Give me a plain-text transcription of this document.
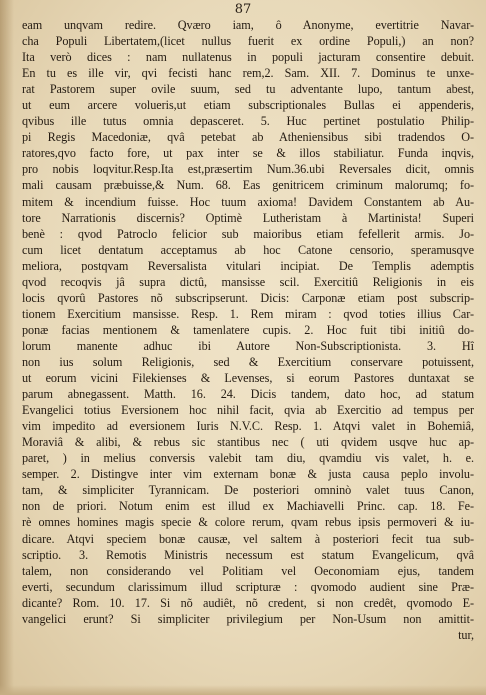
87
eam unqvam redire. Qværo iam, ô Anonyme, evertitrie Navar-
cha Populi Libertatem,(licet nullus fuerit ex ordine Populi,) an non?
Ita verò dices : nam nullatenus in populi jacturam consentire debuit.
En tu es ille vir, qvi fecisti hanc rem,2. Sam. XII. 7. Dominus te unxe-
rat Pastorem super ovile suum, sed tu adventante lupo, tantum abest,
ut eum arcere volueris,ut etiam subscriptionales Bullas ei appenderis,
qvibus ille tutus omnia depasceret. 5. Huc pertinet postulatio Philip-
pi Regis Macedoniæ, qvâ petebat ab Atheniensibus sibi tradendos O-
ratores,qvo facto fore, ut pax inter se & illos stabiliatur. Funda inqvis,
pro nobis loqvitur.Resp.Ita est,præsertim Num.36.ubi Reversales dicit, omnis
mali causam præbuisse,& Num. 68. Eas genitricem criminum malorumq; fo-
mitem & incendium fuisse. Hoc tuum axioma! Davidem Constantem ab Au-
tore Narrationis discernis? Optimè Lutheristam à Martinista! Superi
benè : qvod Patroclo felicior sub maioribus etiam fefellerit armis. Jo-
cum licet dentatum acceptamus ab hoc Catone censorio, speramusqve
meliora, postqvam Reversalista vitulari incipiat. De Templis ademptis
qvod recoqvis jâ supra dictû, mansisse scil. Exercitiû Religionis in eis
locis qvorû Pastores nõ subscripserunt. Dicis: Carponæ etiam post subscrip-
tionem Exercitium mansisse. Resp. 1. Rem miram : qvod toties illius Car-
ponæ facias mentionem & tamenlatere cupis. 2. Hoc fuit tibi initiû do-
lorum manente adhuc ibi Autore Non-Subscriptionista. 3. Hî
non ius solum Religionis, sed & Exercitium conservare potuissent,
ut eorum vicini Filekienses & Levenses, si eorum Pastores duntaxat se
parum abnegassent. Matth. 16. 24. Dicis tandem, dato hoc, ad statum
Evangelici totius Eversionem hoc nihil facit, qvia ab Exercitio ad tempus per
vim impedito ad eversionem Iuris N.V.C. Resp. 1. Atqvi valet in Bohemiâ,
Moraviâ & alibi, & rebus sic stantibus nec ( uti qvidem usqve huc ap-
paret, ) in melius conversis valebit tam diu, qvamdiu vis valet, h. e.
semper. 2. Distingve inter vim externam bonæ & justa causa peplo involu-
tam, & simpliciter Tyrannicam. De posteriori omninò valet tuus Canon,
non de priori. Notum enim est illud ex Machiavelli Princ. cap. 18. Fe-
rè omnes homines magis specie & colore rerum, qvam rebus ipsis permoveri & iu-
dicare. Atqvi speciem bonæ causæ, vel saltem à posteriori fecit tua sub-
scriptio. 3. Remotis Ministris necessum est statum Evangelicum, qvâ
talem, non considerando vel Politiam vel Oeconomiam ejus, tandem
everti, secundum clarissimum illud scripturæ : qvomodo audient sine Præ-
dicante? Rom. 10. 17. Si nõ audiêt, nõ credent, si non credêt, qvomodo E-
vangelici erunt? Si simpliciter privilegium per Non-Usum non amittit-
tur,
